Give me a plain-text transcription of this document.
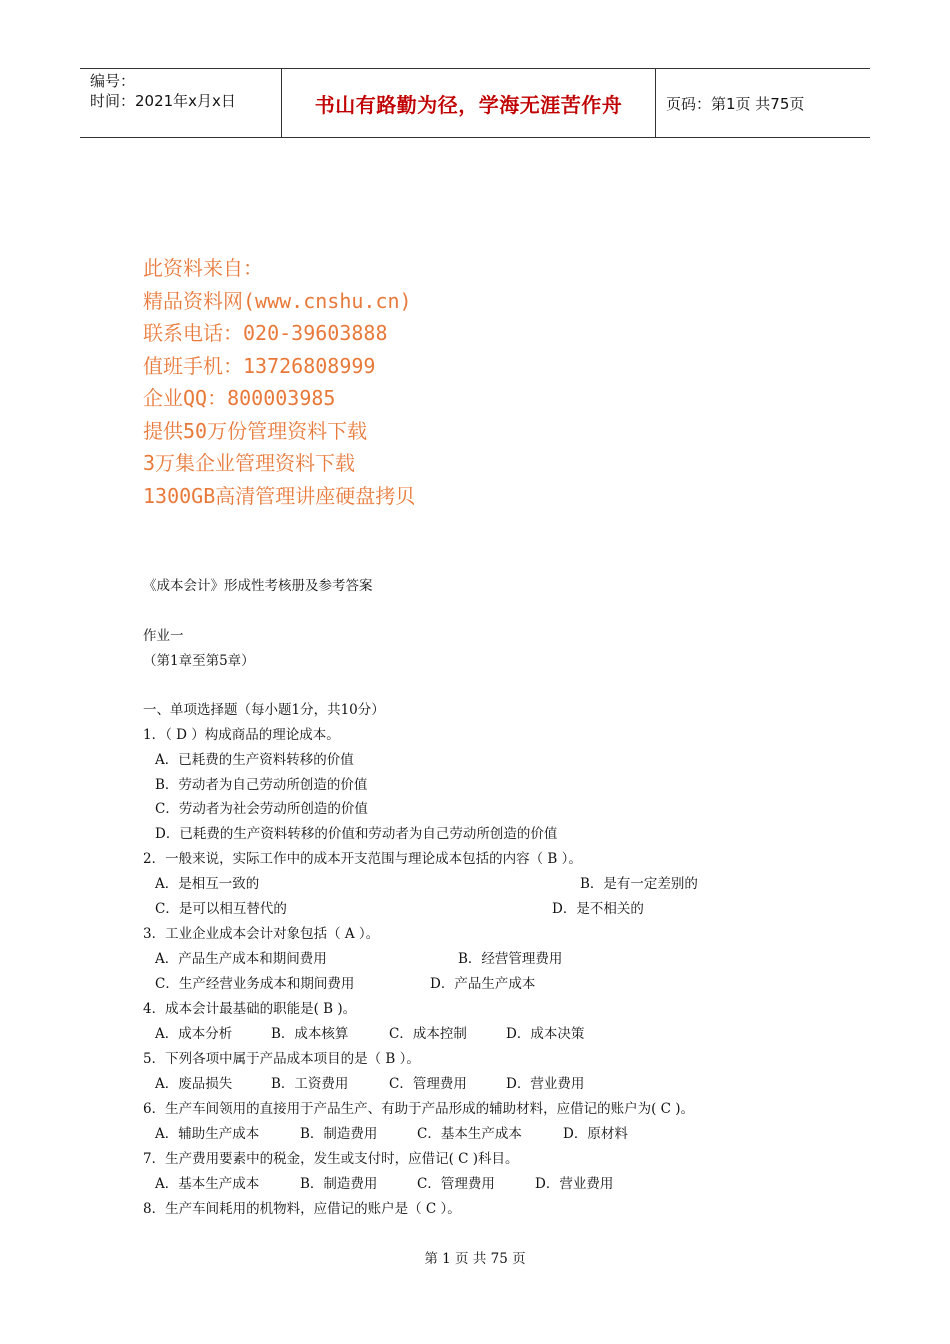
编号：
时间：2021年x月x日	书山有路勤为径，学海无涯苦作舟	页码：第1页 共75页
此资料来自：
精品资料网(www.cnshu.cn)
联系电话：020-39603888
值班手机：13726808999
企业QQ：800003985
提供50万份管理资料下载
3万集企业管理资料下载
1300GB高清管理讲座硬盘拷贝
《成本会计》形成性考核册及参考答案
作业一
（第1章至第5章）
一、单项选择题（每小题1分，共10分）
1．（ D ）构成商品的理论成本。
A．已耗费的生产资料转移的价值
B．劳动者为自己劳动所创造的价值
C．劳动者为社会劳动所创造的价值
D．已耗费的生产资料转移的价值和劳动者为自己劳动所创造的价值
2．一般来说，实际工作中的成本开支范围与理论成本包括的内容（ B ）。
A．是相互一致的	B．是有一定差别的
C．是可以相互替代的	D．是不相关的
3．工业企业成本会计对象包括（ A ）。
A．产品生产成本和期间费用	B．经营管理费用
C．生产经营业务成本和期间费用	D．产品生产成本
4．成本会计最基础的职能是( B )。
A．成本分析	B．成本核算	C．成本控制	D．成本决策
5．下列各项中属于产品成本项目的是（ B ）。
A．废品损失	B．工资费用	C．管理费用	D．营业费用
6．生产车间领用的直接用于产品生产、有助于产品形成的辅助材料，应借记的账户为( C )。
A．辅助生产成本	B．制造费用	C．基本生产成本	D．原材料
7．生产费用要素中的税金，发生或支付时，应借记( C )科目。
A．基本生产成本	B．制造费用	C．管理费用	D．营业费用
8．生产车间耗用的机物料，应借记的账户是（ C ）。
第 1 页 共 75 页
